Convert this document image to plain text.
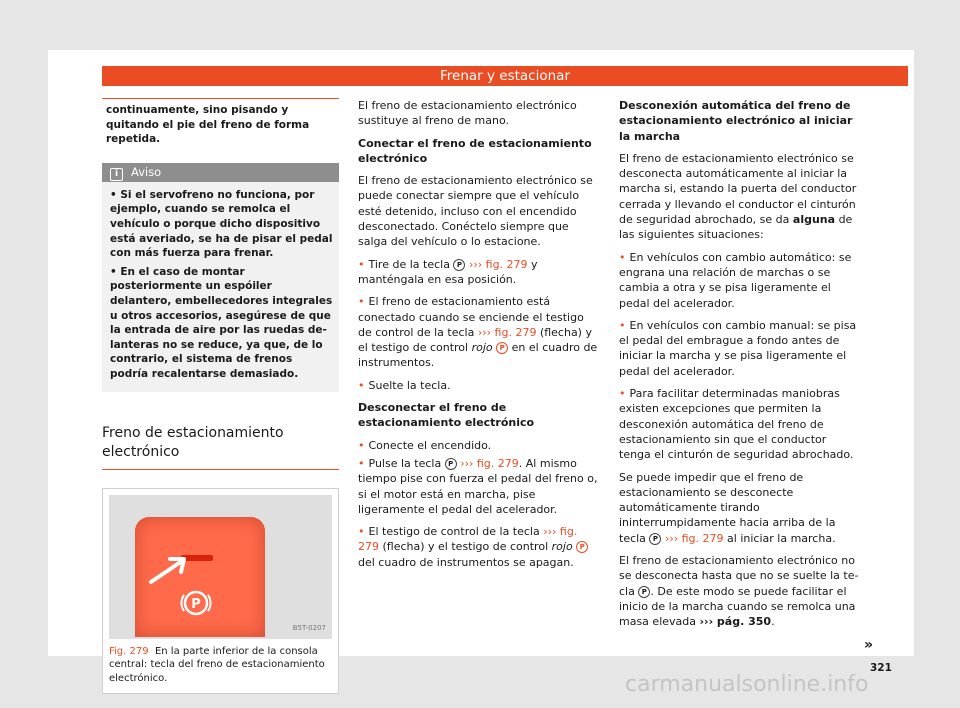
Frenar y estacionar
continuamente, sino pisando y quitando el pie del freno de forma repetida.
i Aviso

• Si el servofreno no funciona, por ejemplo, cuando se remolca el vehículo o porque dicho dispositivo está averiado, se ha de pisar el pedal con más fuerza para frenar.

• En el caso de montar posteriormente un espóiler delantero, embellecedores integrales u otros accesorios, asegúrese de que la entrada de aire por las ruedas delanteras no se reduce, ya que, de lo contrario, el sistema de frenos podría recalentarse demasiado.

Freno de estacionamiento electrónico
P
B5T-0207
Fig. 279 En la parte inferior de la consola central: tecla del freno de estacionamiento electrónico.

El freno de estacionamiento electrónico sustituye al freno de mano.

Conectar el freno de estacionamiento electrónico

El freno de estacionamiento electrónico se puede conectar siempre que el vehículo esté detenido, incluso con el encendido desconectado. Conéctelo siempre que salga del vehículo o lo estacione.

• Tire de la tecla P ››› fig. 279 y manténgala en esa posición.

• El freno de estacionamiento está conectado cuando se enciende el testigo de control de la tecla ››› fig. 279 (flecha) y el testigo de control rojo P en el cuadro de instrumentos.

• Suelte la tecla.

Desconectar el freno de estacionamiento electrónico

• Conecte el encendido.

• Pulse la tecla P ››› fig. 279. Al mismo tiempo pise con fuerza el pedal del freno o, si el motor está en marcha, pise ligeramente el pedal del acelerador.

• El testigo de control de la tecla ››› fig. 279 (flecha) y el testigo de control rojo P del cuadro de instrumentos se apagan.

Desconexión automática del freno de estacionamiento electrónico al iniciar la marcha

El freno de estacionamiento electrónico se desconecta automáticamente al iniciar la marcha si, estando la puerta del conductor cerrada y llevando el conductor el cinturón de seguridad abrochado, se da alguna de las siguientes situaciones:

• En vehículos con cambio automático: se engrana una relación de marchas o se cambia a otra y se pisa ligeramente el pedal del acelerador.

• En vehículos con cambio manual: se pisa el pedal del embrague a fondo antes de iniciar la marcha y se pisa ligeramente el pedal del acelerador.

• Para facilitar determinadas maniobras existen excepciones que permiten la desconexión automática del freno de estacionamiento sin que el conductor tenga el cinturón de seguridad abrochado.

Se puede impedir que el freno de estacionamiento se desconecte automáticamente tirando ininterrumpidamente hacia arriba de la tecla P ››› fig. 279 al iniciar la marcha.

El freno de estacionamiento electrónico no se desconecta hasta que no se suelte la tecla P . De este modo se puede facilitar el inicio de la marcha cuando se remolca una masa elevada ››› pág. 350.

»
321
carmanualsonline.info
